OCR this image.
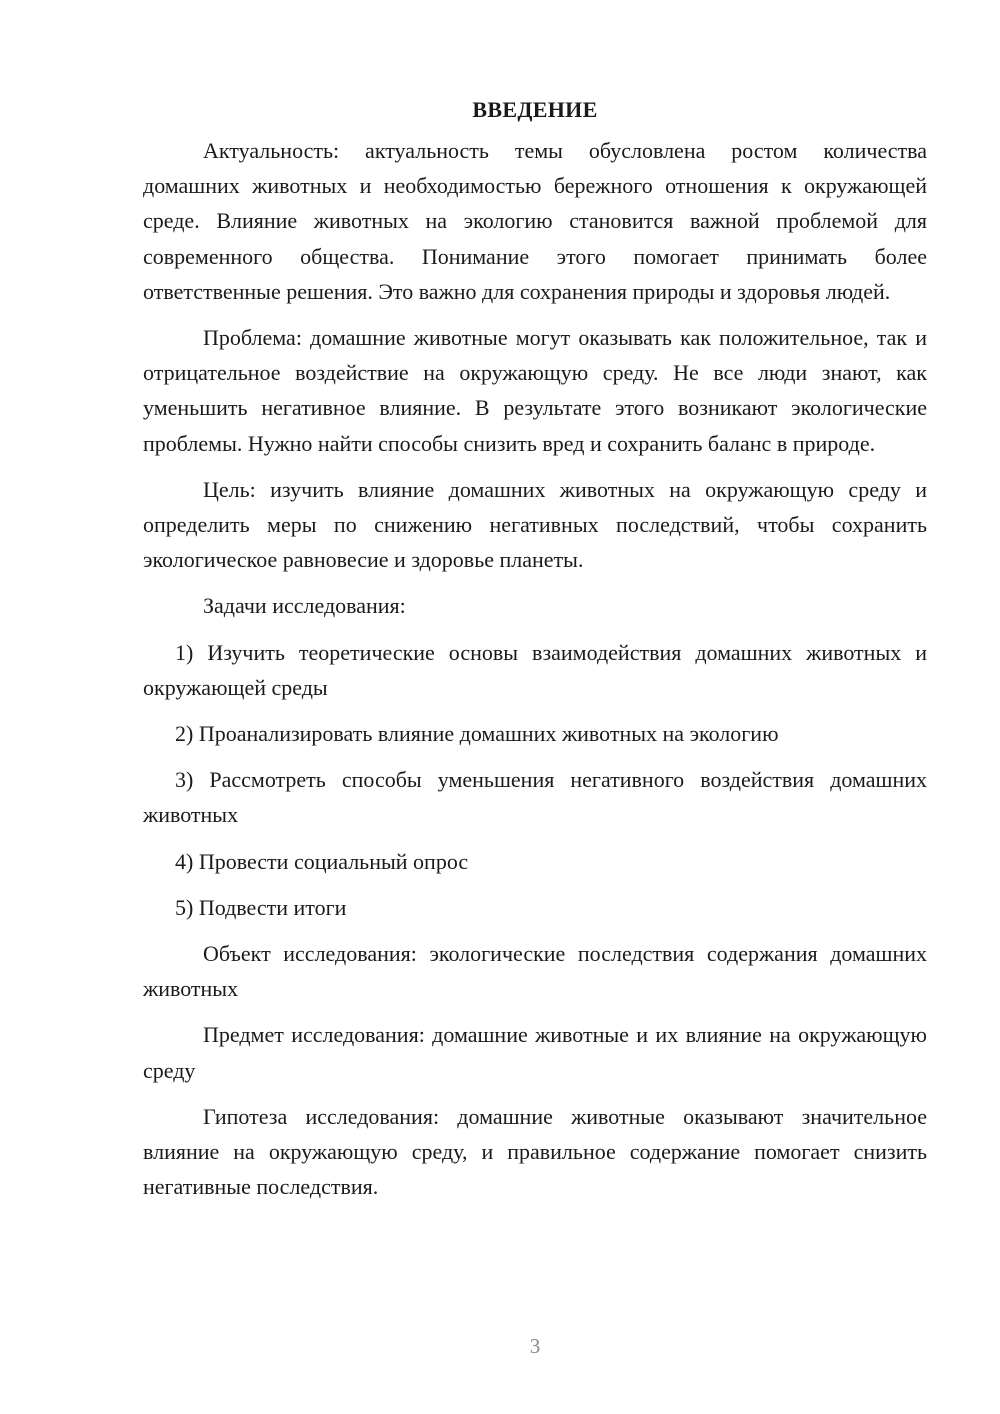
ВВЕДЕНИЕ

Актуальность: актуальность темы обусловлена ростом количества домашних животных и необходимостью бережного отношения к окружающей среде. Влияние животных на экологию становится важной проблемой для современного общества. Понимание этого помогает принимать более ответственные решения. Это важно для сохранения природы и здоровья людей.

Проблема: домашние животные могут оказывать как положительное, так и отрицательное воздействие на окружающую среду. Не все люди знают, как уменьшить негативное влияние. В результате этого возникают экологические проблемы. Нужно найти способы снизить вред и сохранить баланс в природе.

Цель: изучить влияние домашних животных на окружающую среду и определить меры по снижению негативных последствий, чтобы сохранить экологическое равновесие и здоровье планеты.

Задачи исследования:

1) Изучить теоретические основы взаимодействия домашних животных и окружающей среды

2) Проанализировать влияние домашних животных на экологию

3) Рассмотреть способы уменьшения негативного воздействия домашних животных

4) Провести социальный опрос

5) Подвести итоги

Объект исследования: экологические последствия содержания домашних животных

Предмет исследования: домашние животные и их влияние на окружающую среду

Гипотеза исследования: домашние животные оказывают значительное влияние на окружающую среду, и правильное содержание помогает снизить негативные последствия.

3
